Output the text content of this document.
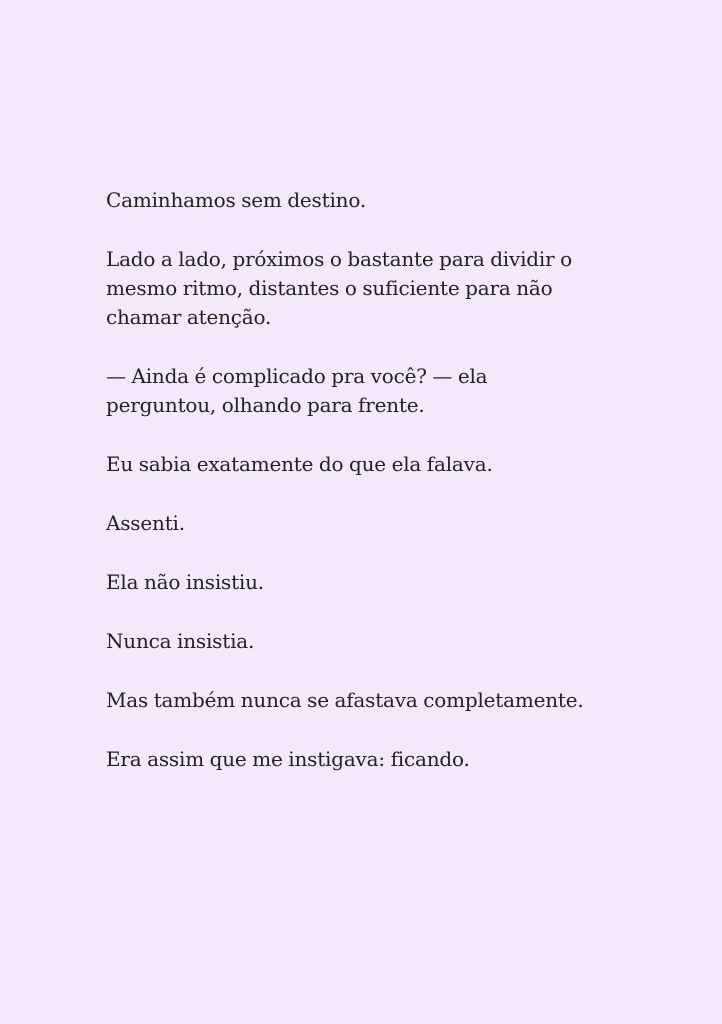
Caminhamos sem destino.

Lado a lado, próximos o bastante para dividir o
mesmo ritmo, distantes o suficiente para não
chamar atenção.

— Ainda é complicado pra você? — ela
perguntou, olhando para frente.

Eu sabia exatamente do que ela falava.

Assenti.

Ela não insistiu.

Nunca insistia.

Mas também nunca se afastava completamente.

Era assim que me instigava: ficando.
